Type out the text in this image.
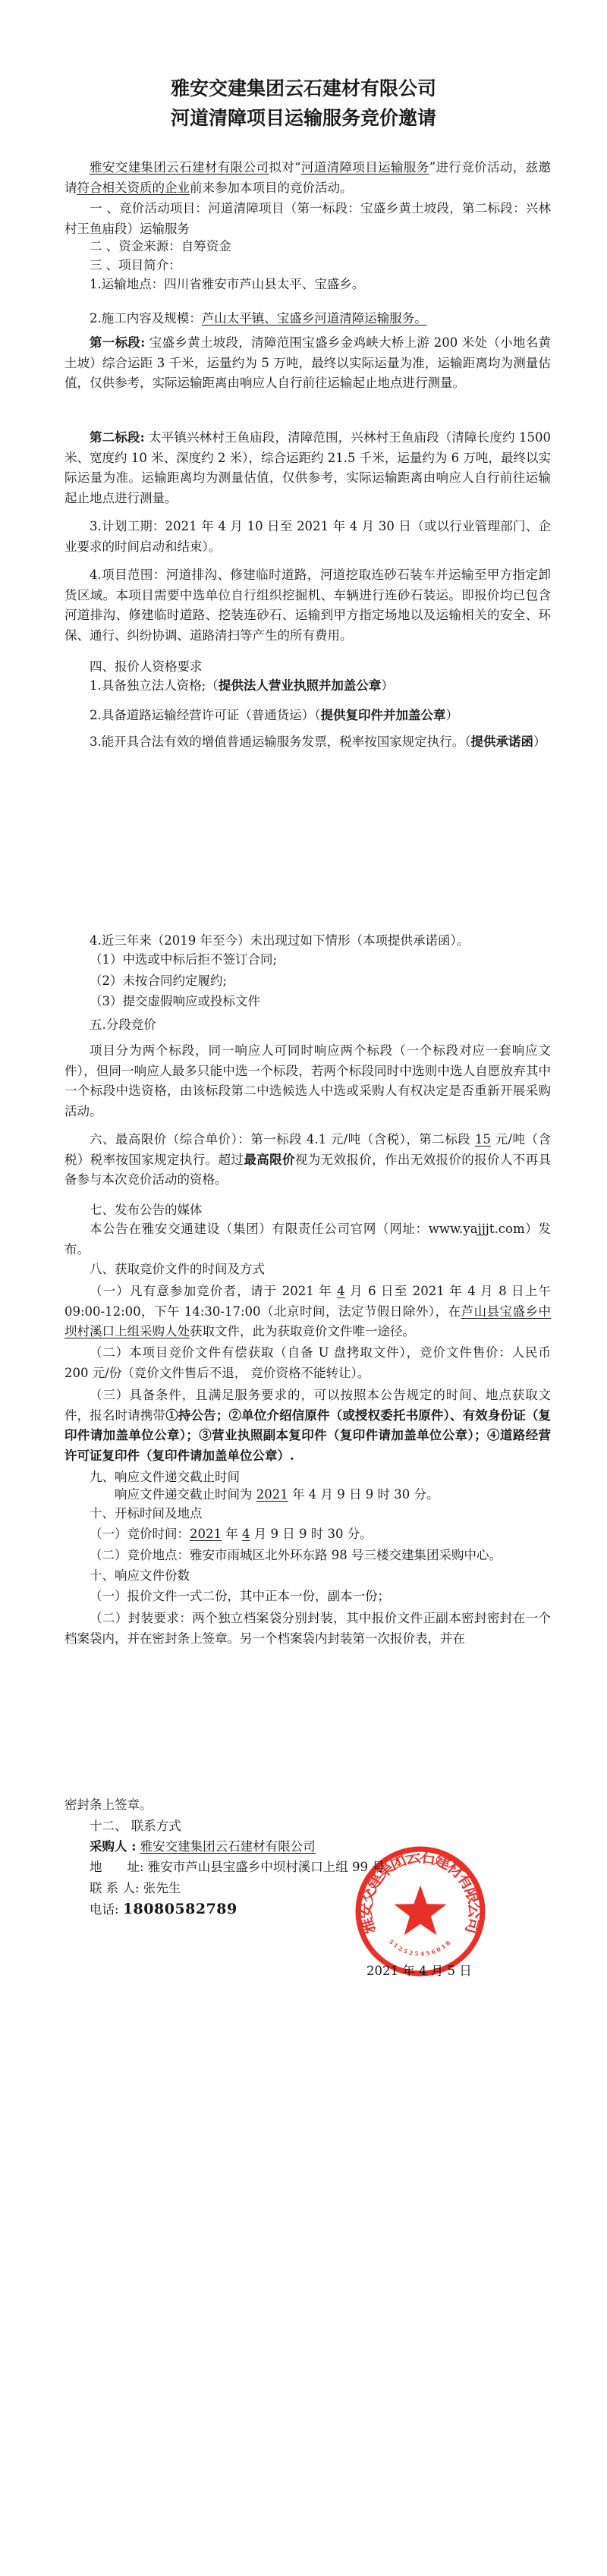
雅安交建集团云石建材有限公司
河道清障项目运输服务竞价邀请
雅安交建集团云石建材有限公司拟对“河道清障项目运输服务”进行竞价活动，兹邀请符合相关资质的企业前来参加本项目的竞价活动。
一 、竞价活动项目：河道清障项目（第一标段：宝盛乡黄土坡段，第二标段：兴林村王鱼庙段）运输服务
二 、资金来源：自筹资金
三 、项目简介：
1.运输地点：四川省雅安市芦山县太平、宝盛乡。
2.施工内容及规模：芦山太平镇、宝盛乡河道清障运输服务。
第一标段: 宝盛乡黄土坡段，清障范围宝盛乡金鸡峡大桥上游 200 米处（小地名黄土坡）综合运距 3 千米，运量约为 5 万吨，最终以实际运量为准，运输距离均为测量估值，仅供参考，实际运输距离由响应人自行前往运输起止地点进行测量。
第二标段: 太平镇兴林村王鱼庙段，清障范围，兴林村王鱼庙段（清障长度约 1500 米、宽度约 10 米、深度约 2 米），综合运距约 21.5 千米，运量约为 6 万吨，最终以实际运量为准。运输距离均为测量估值，仅供参考，实际运输距离由响应人自行前往运输起止地点进行测量。
3.计划工期：2021 年 4 月 10 日至 2021 年 4 月 30 日（或以行业管理部门、企业要求的时间启动和结束）。
4.项目范围：河道排沟、修建临时道路，河道挖取连砂石装车并运输至甲方指定卸货区域。本项目需要中选单位自行组织挖掘机、车辆进行连砂石装运。即报价均已包含河道排沟、修建临时道路、挖装连砂石、运输到甲方指定场地以及运输相关的安全、环保、通行、纠纷协调、道路清扫等产生的所有费用。
四、报价人资格要求
1.具备独立法人资格;（提供法人营业执照并加盖公章）
2.具备道路运输经营许可证（普通货运）（提供复印件并加盖公章）
3.能开具合法有效的增值普通运输服务发票，税率按国家规定执行。（提供承诺函）
4.近三年来（2019 年至今）未出现过如下情形（本项提供承诺函）。
（1）中选或中标后拒不签订合同;
（2）未按合同约定履约;
（3）提交虚假响应或投标文件
五.分段竞价
项目分为两个标段，同一响应人可同时响应两个标段（一个标段对应一套响应文件），但同一响应人最多只能中选一个标段，若两个标段同时中选则中选人自愿放弃其中一个标段中选资格，由该标段第二中选候选人中选或采购人有权决定是否重新开展采购活动。
六、最高限价（综合单价）：第一标段 4.1 元/吨（含税），第二标段 15 元/吨（含税）税率按国家规定执行。超过最高限价视为无效报价，作出无效报价的报价人不再具备参与本次竞价活动的资格。
七、发布公告的媒体
本公告在雅安交通建设（集团）有限责任公司官网（网址：www.yajjjt.com）发布。
八、获取竞价文件的时间及方式
（一）凡有意参加竞价者，请于 2021 年 4 月 6 日至 2021 年 4 月 8 日上午 09:00-12:00，下午 14:30-17:00（北京时间，法定节假日除外），在芦山县宝盛乡中坝村溪口上组采购人处获取文件，此为获取竞价文件唯一途径。
（二）本项目竞价文件有偿获取（自备 U 盘拷取文件），竞价文件售价：人民币 200 元/份（竞价文件售后不退， 竞价资格不能转让）。
（三）具备条件，且满足服务要求的，可以按照本公告规定的时间、地点获取文件，报名时请携带①持公告；②单位介绍信原件（或授权委托书原件）、有效身份证（复印件请加盖单位公章）；③营业执照副本复印件（复印件请加盖单位公章）；④道路经营许可证复印件（复印件请加盖单位公章）.
九、响应文件递交截止时间
响应文件递交截止时间为 2021 年 4 月 9 日 9 时 30 分。
十、开标时间及地点
（一）竞价时间：2021 年 4 月 9 日 9 时 30 分。
（二）竞价地点：雅安市雨城区北外环东路 98 号三楼交建集团采购中心。
十、响应文件份数
（一）报价文件一式二份，其中正本一份，副本一份；
（二）封装要求：两个独立档案袋分别封装，其中报价文件正副本密封密封在一个档案袋内，并在密封条上签章。另一个档案袋内封装第一次报价表，并在
密封条上签章。
十二、 联系方式
采购人 : 雅安交建集团云石建材有限公司
地　　址: 雅安市芦山县宝盛乡中坝村溪口上组 99 号
联 系 人: 张先生
电话: 18080582789
2021 年 4 月 5 日
雅安交建集团云石建材有限公司
512525456018
